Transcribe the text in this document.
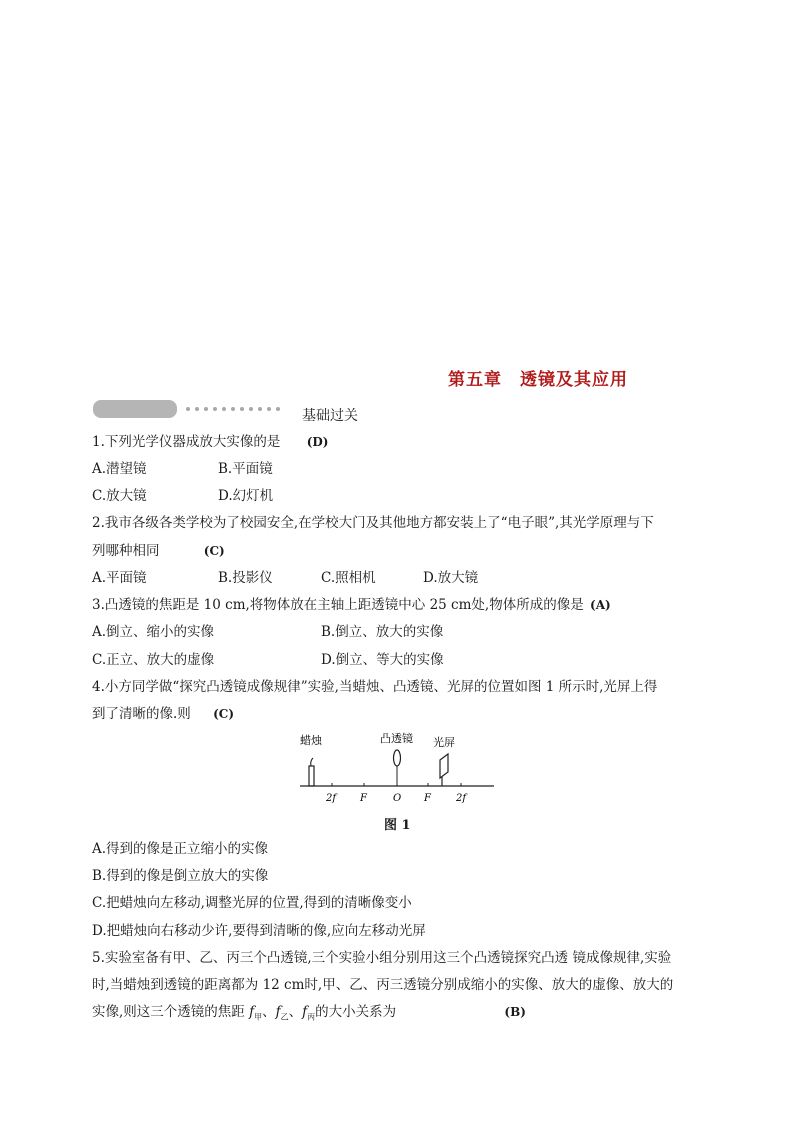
第五章　透镜及其应用
基础过关
1.下列光学仪器成放大实像的是 (D)
A.潜望镜	B.平面镜
C.放大镜	D.幻灯机
2.我市各级各类学校为了校园安全,在学校大门及其他地方都安装上了“电子眼”,其光学原理与下
列哪种相同	(C)
A.平面镜	B.投影仪	C.照相机	D.放大镜
3.凸透镜的焦距是 10 cm,将物体放在主轴上距透镜中心 25 cm处,物体所成的像是 (A)
A.倒立、缩小的实像	B.倒立、放大的实像
C.正立、放大的虚像	D.倒立、等大的实像
4.小方同学做“探究凸透镜成像规律”实验,当蜡烛、凸透镜、光屏的位置如图 1 所示时,光屏上得
到了清晰的像.则 (C)
蜡烛	凸透镜 光屏
2f F	O F	2f
图 1
A.得到的像是正立缩小的实像
B.得到的像是倒立放大的实像
C.把蜡烛向左移动,调整光屏的位置,得到的清晰像变小
D.把蜡烛向右移动少许,要得到清晰的像,应向左移动光屏
5.实验室备有甲、乙、丙三个凸透镜,三个实验小组分别用这三个凸透镜探究凸透 镜成像规律,实验
时,当蜡烛到透镜的距离都为 12 cm时,甲、乙、丙三透镜分别成缩小的实像、放大的虚像、放大的
实像,则这三个透镜的焦距 $f_甲$、$f_乙$、$f_丙$的大小关系为	(B)
